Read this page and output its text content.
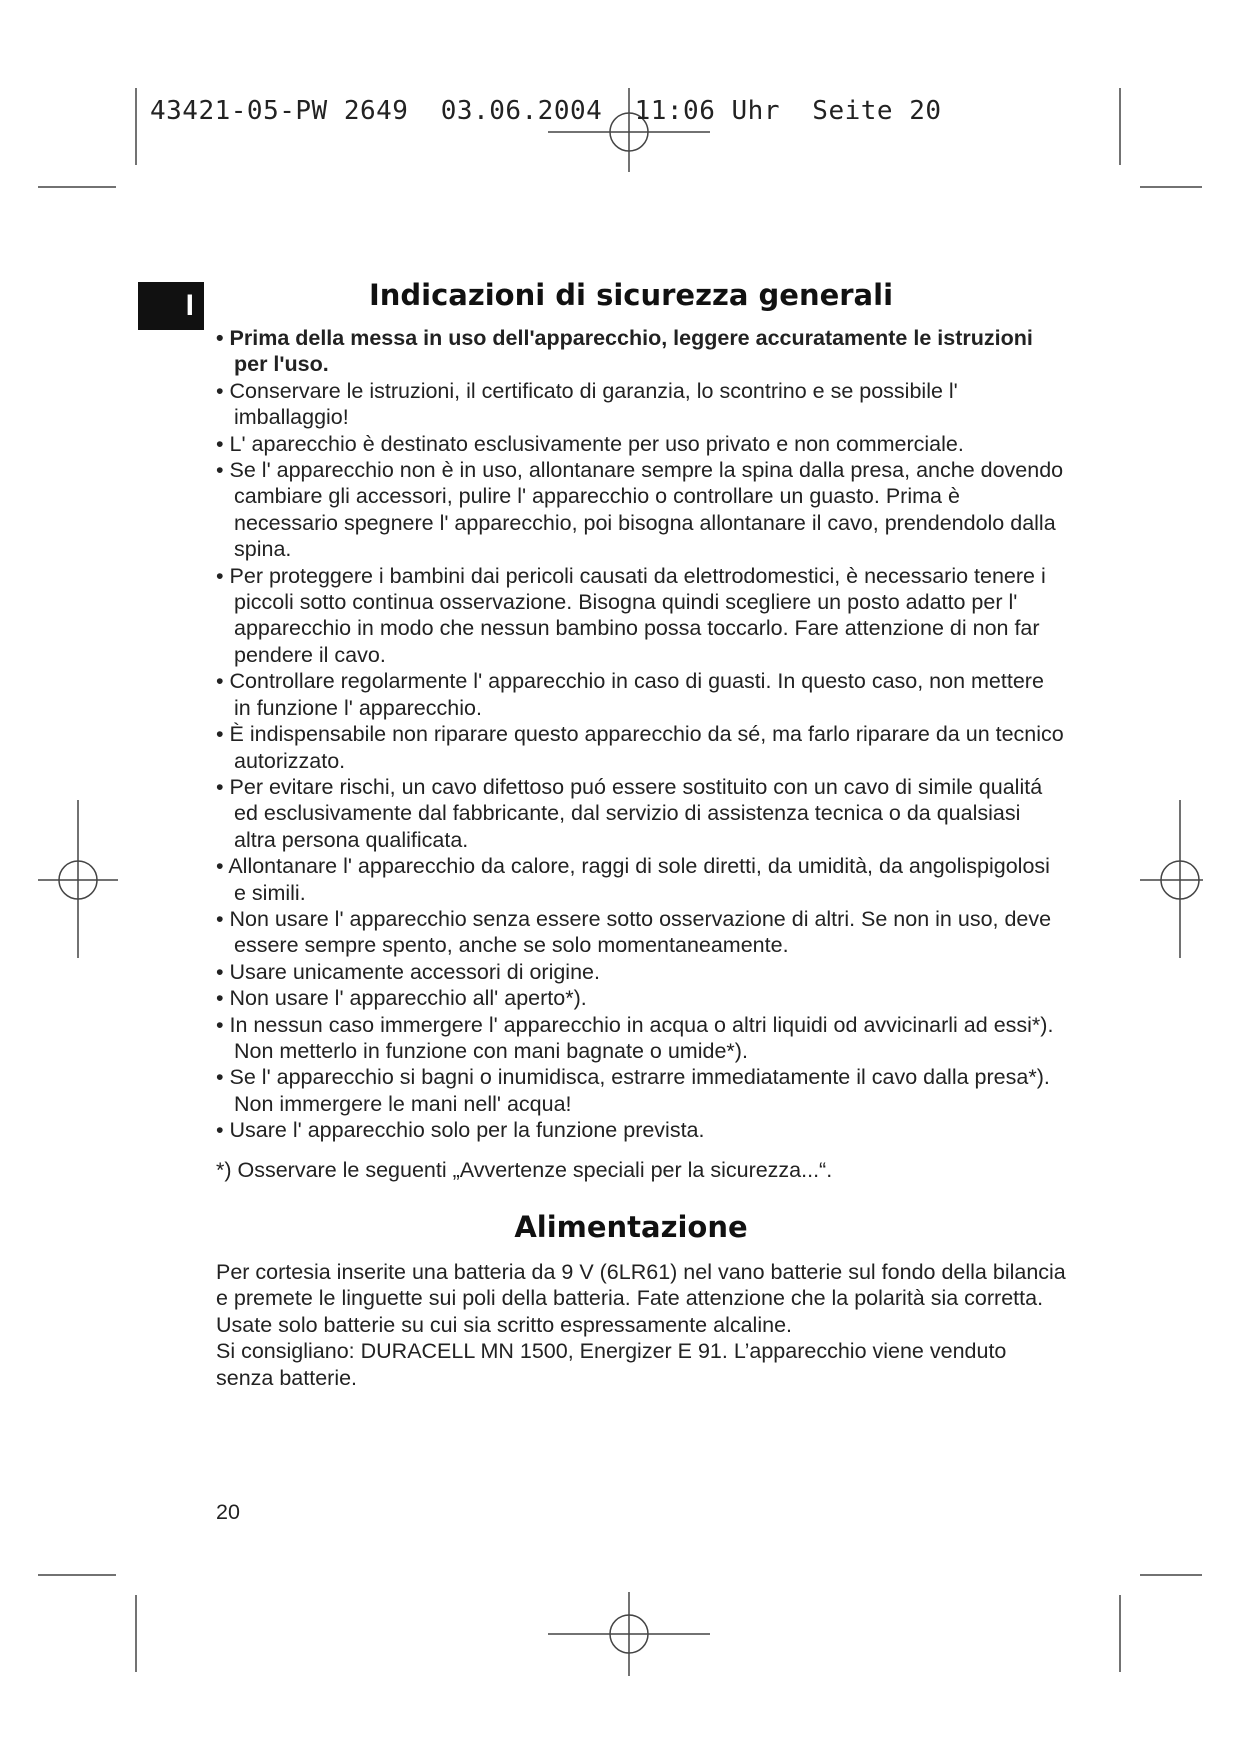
43421-05-PW 2649  03.06.2004  11:06 Uhr  Seite 20
I	Indicazioni di sicurezza generali
• Prima della messa in uso dell'apparecchio, leggere accuratamente le istruzioni per l'uso.
• Conservare le istruzioni, il certificato di garanzia, lo scontrino e se possibile l' imballaggio!
• L' aparecchio è destinato esclusivamente per uso privato e non commerciale.
• Se l' apparecchio non è in uso, allontanare sempre la spina dalla presa, anche dovendo cambiare gli accessori, pulire l' apparecchio o controllare un guasto. Prima è necessario spegnere l' apparecchio, poi bisogna allontanare il cavo, prendendolo dalla spina.
• Per proteggere i bambini dai pericoli causati da elettrodomestici, è necessario tenere i piccoli sotto continua osservazione. Bisogna quindi scegliere un posto adatto per l' apparecchio in modo che nessun bambino possa toccarlo. Fare attenzione di non far pendere il cavo.
• Controllare regolarmente l' apparecchio in caso di guasti. In questo caso, non mettere in funzione l' apparecchio.
• È indispensabile non riparare questo apparecchio da sé, ma farlo riparare da un tecnico autorizzato.
• Per evitare rischi, un cavo difettoso puó essere sostituito con un cavo di simile qualitá ed esclusivamente dal fabbricante, dal servizio di assistenza tecnica o da qualsiasi altra persona qualificata.
• Allontanare l' apparecchio da calore, raggi di sole diretti, da umidità, da angolispigolosi e simili.
• Non usare l' apparecchio senza essere sotto osservazione di altri. Se non in uso, deve essere sempre spento, anche se solo momentaneamente.
• Usare unicamente accessori di origine.
• Non usare l' apparecchio all' aperto*).
• In nessun caso immergere l' apparecchio in acqua o altri liquidi od avvicinarli ad essi*). Non metterlo in funzione con mani bagnate o umide*).
• Se l' apparecchio si bagni o inumidisca, estrarre immediatamente il cavo dalla presa*). Non immergere le mani nell' acqua!
• Usare l' apparecchio solo per la funzione prevista.
*) Osservare le seguenti „Avvertenze speciali per la sicurezza...“.
Alimentazione

Per cortesia inserite una batteria da 9 V (6LR61) nel vano batterie sul fondo della bilancia e premete le linguette sui poli della batteria. Fate attenzione che la polarità sia corretta. Usate solo batterie su cui sia scritto espressamente alcaline.

Si consigliano: DURACELL MN 1500, Energizer E 91. L’apparecchio viene venduto senza batterie.

20
